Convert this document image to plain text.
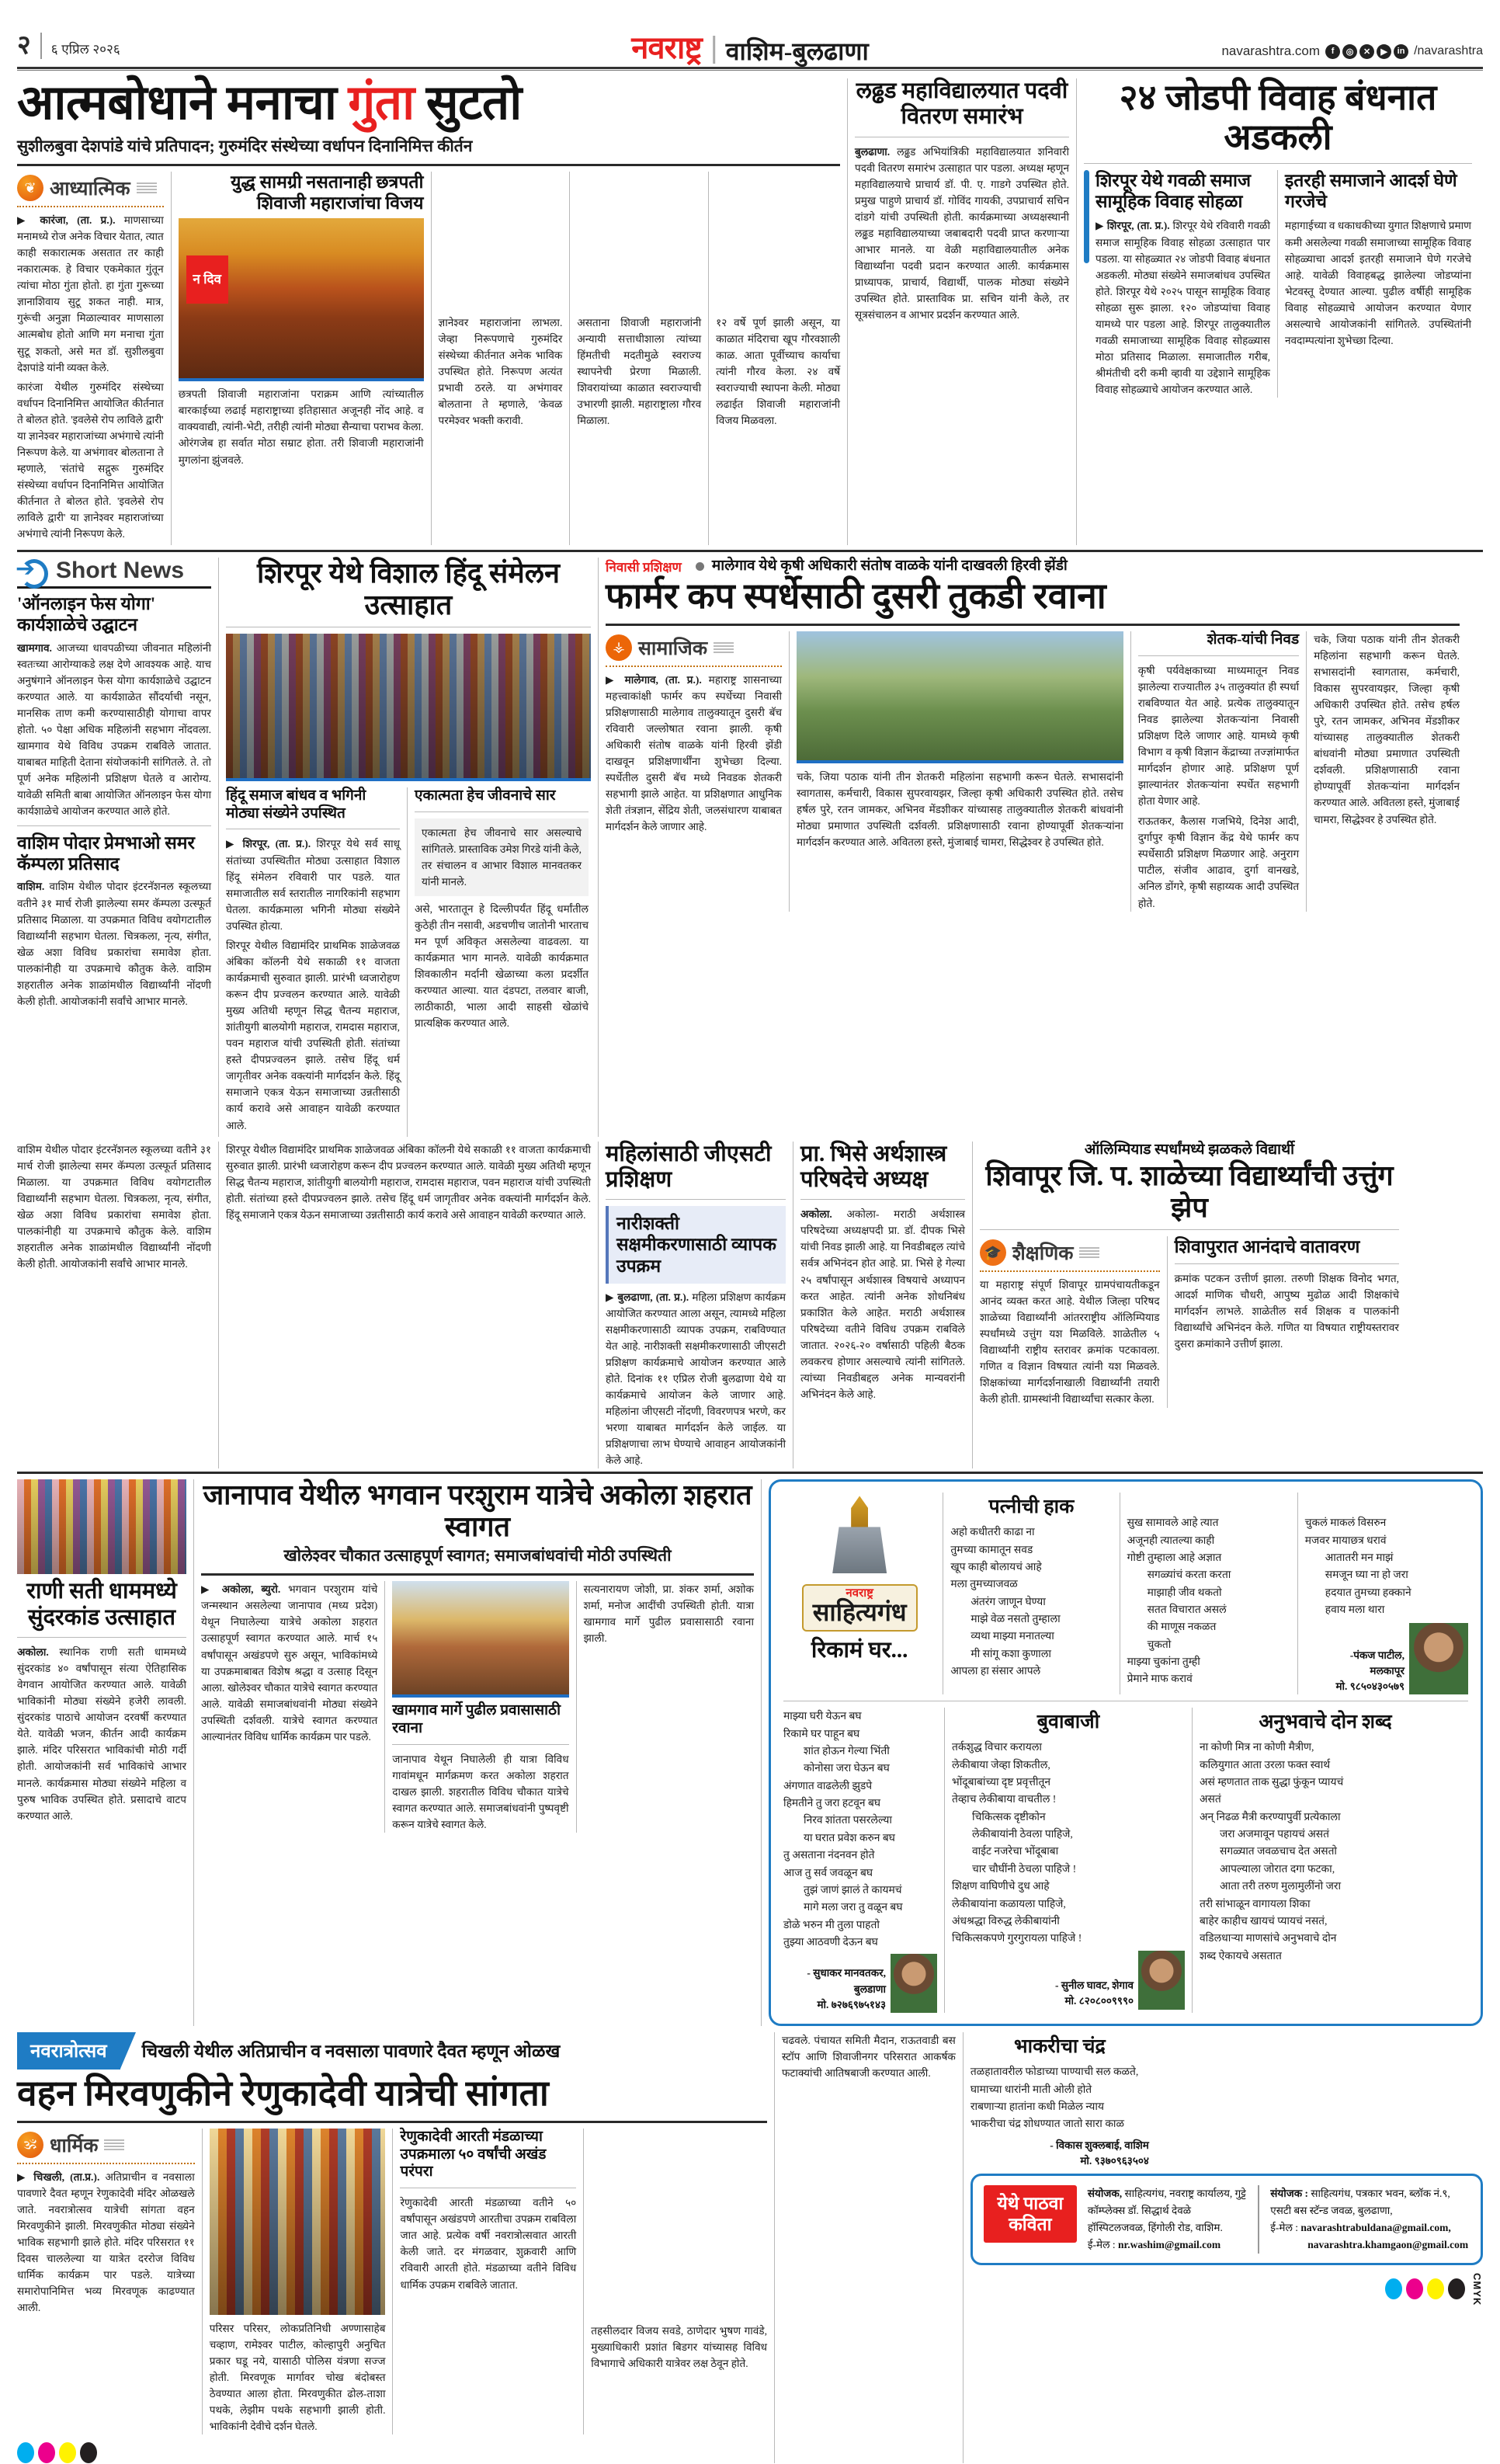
२ ६ एप्रिल २०२६	नवराष्ट्र वाशिम-बुलढाणा	navarashtra.com	f	◎	✕	▶	in /navarashtra
आत्मबोधाने मनाचा गुंता सुटतो
सुशीलबुवा देशपांडे यांचे प्रतिपादन; गुरुमंदिर संस्थेच्या वर्धापन दिनानिमित्त कीर्तन
❦ आध्यात्मिक

▶ कारंजा, (ता. प्र.). माणसाच्या मनामध्ये रोज अनेक विचार येतात, त्यात काही सकारात्मक असतात तर काही नकारात्मक. हे विचार एकमेकात गुंतून त्यांचा मोठा गुंता होतो. हा गुंता गुरूच्या ज्ञानाशिवाय सुटू शकत नाही. मात्र, गुरूंची अनुज्ञा मिळाल्यावर माणसाला आत्मबोध होतो आणि मग मनाचा गुंता सुटू शकतो, असे मत डॉ. सुशीलबुवा देशपांडे यांनी व्यक्त केले.

कारंजा येथील गुरुमंदिर संस्थेच्या वर्धापन दिनानिमित्त आयोजित कीर्तनात ते बोलत होते. 'इवलेसे रोप लाविले द्वारी' या ज्ञानेश्वर महाराजांच्या अभंगाचे त्यांनी निरूपण केले. या अभंगावर बोलताना ते म्हणाले, 'संतांचे सद्गुरू गुरुमंदिर संस्थेच्या वर्धापन दिनानिमित्त आयोजित कीर्तनात ते बोलत होते. 'इवलेसे रोप लाविले द्वारी' या ज्ञानेश्वर महाराजांच्या अभंगाचे त्यांनी निरूपण केले.

युद्ध सामग्री नसतानाही छत्रपती शिवाजी महाराजांचा विजय
न दिव
छत्रपती शिवाजी महाराजांना पराक्रम आणि त्यांच्यातील बारकाईच्या लढाई महाराष्ट्राच्या इतिहासात अजूनही नोंद आहे. व वाक्यवाद्यी, त्यांनी-भेटी, तरीही त्यांनी मोठ्या सैन्याचा पराभव केला. ओरंगजेब हा सर्वात मोठा सम्राट होता. तरी शिवाजी महाराजांनी मुगलांना झुंजवले.
ज्ञानेश्वर महाराजांना लाभला. जेव्हा निरूपणाचे गुरुमंदिर संस्थेच्या कीर्तनात अनेक भाविक उपस्थित होते. निरूपण अत्यंत प्रभावी ठरले. या अभंगावर बोलताना ते म्हणाले, 'केवळ परमेश्वर भक्ती करावी.
असताना शिवाजी महाराजांनी अन्यायी सत्ताधीशाला त्यांच्या हिंमतीची मदतीमुळे स्वराज्य स्थापनेची प्रेरणा मिळाली. शिवरायांच्या काळात स्वराज्याची उभारणी झाली. महाराष्ट्राला गौरव मिळाला.
१२ वर्षे पूर्ण झाली असून, या काळात मंदिराचा खूप गौरवशाली काळ. आता पूर्वीच्याच कार्याचा त्यांनी गौरव केला. २४ वर्षे स्वराज्याची स्थापना केली. मोठ्या लढाईत शिवाजी महाराजांनी विजय मिळवला.
लढ्ढड महाविद्यालयात पदवी वितरण समारंभ
बुलढाणा. लढ्ढड अभियांत्रिकी महाविद्यालयात शनिवारी पदवी वितरण समारंभ उत्साहात पार पडला. अध्यक्ष म्हणून महाविद्यालयाचे प्राचार्य डॉ. पी. ए. गाडगे उपस्थित होते. प्रमुख पाहुणे प्राचार्य डॉ. गोविंद गायकी, उपप्राचार्य सचिन दांडगे यांची उपस्थिती होती. कार्यक्रमाच्या अध्यक्षस्थानी लढ्ढड महाविद्यालयाच्या जबाबदारी पदवी प्राप्त करणाऱ्या आभार मानले. या वेळी महाविद्यालयातील अनेक विद्यार्थ्यांना पदवी प्रदान करण्यात आली. कार्यक्रमास प्राध्यापक, प्राचार्य, विद्यार्थी, पालक मोठ्या संख्येने उपस्थित होते. प्रास्ताविक प्रा. सचिन यांनी केले, तर सूत्रसंचालन व आभार प्रदर्शन करण्यात आले.
२४ जोडपी विवाह बंधनात अडकली
शिरपूर येथे गवळी समाज सामूहिक विवाह सोहळा
▶ शिरपूर, (ता. प्र.). शिरपूर येथे रविवारी गवळी समाज सामूहिक विवाह सोहळा उत्साहात पार पडला. या सोहळ्यात २४ जोडपी विवाह बंधनात अडकली. मोठ्या संख्येने समाजबांधव उपस्थित होते. शिरपूर येथे २०२५ पासून सामूहिक विवाह सोहळा सुरू झाला. १२० जोडप्यांचा विवाह यामध्ये पार पडला आहे. शिरपूर तालुक्यातील गवळी समाजाच्या सामूहिक विवाह सोहळ्यास मोठा प्रतिसाद मिळाला. समाजातील गरीब, श्रीमंतीची दरी कमी व्हावी या उद्देशाने सामूहिक विवाह सोहळ्याचे आयोजन करण्यात आले.
इतरही समाजाने आदर्श घेणे गरजेचे
महागाईच्या व धकाधकीच्या युगात शिक्षणाचे प्रमाण कमी असलेल्या गवळी समाजाच्या सामूहिक विवाह सोहळ्याचा आदर्श इतरही समाजाने घेणे गरजेचे आहे. यावेळी विवाहबद्ध झालेल्या जोडप्यांना भेटवस्तू देण्यात आल्या. पुढील वर्षीही सामूहिक विवाह सोहळ्याचे आयोजन करण्यात येणार असल्याचे आयोजकांनी सांगितले. उपस्थितांनी नवदाम्पत्यांना शुभेच्छा दिल्या.
➔
Short News
'ऑनलाइन फेस योगा' कार्यशाळेचे उद्घाटन
खामगाव. आजच्या धावपळीच्या जीवनात महिलांनी स्वतःच्या आरोग्याकडे लक्ष देणे आवश्यक आहे. याच अनुषंगाने ऑनलाइन फेस योगा कार्यशाळेचे उद्घाटन करण्यात आले. या कार्यशाळेत सौंदर्याची नसून, मानसिक ताण कमी करण्यासाठीही योगाचा वापर होतो. ५० पेक्षा अधिक महिलांनी सहभाग नोंदवला. खामगाव येथे विविध उपक्रम राबविले जातात. याबाबत माहिती देताना संयोजकांनी सांगितले. ते. तो पूर्ण अनेक महिलांनी प्रशिक्षण घेतले व आरोग्य. यावेळी समिती बाबा आयोजित ऑनलाइन फेस योगा कार्यशाळेचे आयोजन करण्यात आले होते.
वाशिम पोदार प्रेमभाओ समर कॅम्पला प्रतिसाद
वाशिम. वाशिम येथील पोदार इंटरनॅशनल स्कूलच्या वतीने ३१ मार्च रोजी झालेल्या समर कॅम्पला उत्स्फूर्त प्रतिसाद मिळाला. या उपक्रमात विविध वयोगटातील विद्यार्थ्यांनी सहभाग घेतला. चित्रकला, नृत्य, संगीत, खेळ अशा विविध प्रकारांचा समावेश होता. पालकांनीही या उपक्रमाचे कौतुक केले. वाशिम शहरातील अनेक शाळांमधील विद्यार्थ्यांनी नोंदणी केली होती. आयोजकांनी सर्वांचे आभार मानले.
शिरपूर येथे विशाल हिंदू संमेलन उत्साहात
हिंदू समाज बांधव व भगिनी मोठ्या संख्येने उपस्थित

▶ शिरपूर, (ता. प्र.). शिरपूर येथे सर्व साधू संतांच्या उपस्थितीत मोठ्या उत्साहात विशाल हिंदू संमेलन रविवारी पार पडले. यात समाजातील सर्व स्तरातील नागरिकांनी सहभाग घेतला. कार्यक्रमाला भगिनी मोठ्या संख्येने उपस्थित होत्या.

शिरपूर येथील विद्यामंदिर प्राथमिक शाळेजवळ अंबिका कॉलनी येथे सकाळी ११ वाजता कार्यक्रमाची सुरुवात झाली. प्रारंभी ध्वजारोहण करून दीप प्रज्वलन करण्यात आले. यावेळी मुख्य अतिथी म्हणून सिद्ध चैतन्य महाराज, शांतीयुगी बालयोगी महाराज, रामदास महाराज, पवन महाराज यांची उपस्थिती होती. संतांच्या हस्ते दीपप्रज्वलन झाले. तसेच हिंदू धर्म जागृतीवर अनेक वक्त्यांनी मार्गदर्शन केले. हिंदू समाजाने एकत्र येऊन समाजाच्या उन्नतीसाठी कार्य करावे असे आवाहन यावेळी करण्यात आले.

एकात्मता हेच जीवनाचे सार
एकात्मता हेच जीवनाचे सार असल्याचे सांगितले. प्रास्ताविक उमेश गिरडे यांनी केले, तर संचालन व आभार विशाल मानवतकर यांनी मानले.
असे, भारतातून हे दिल्लीपर्यंत हिंदू धर्मांतील कुठेही तीन नसावी, अडचणीच जातोनी भारताच मन पूर्ण अविकृत असलेल्या वाढवला. या कार्यक्रमात भाग मानले. यावेळी कार्यक्रमात शिवकालीन मर्दानी खेळाच्या कला प्रदर्शीत करण्यात आल्या. यात दंडपटा, तलवार बाजी, लाठीकाठी, भाला आदी साहसी खेळांचे प्रात्यक्षिक करण्यात आले.
निवासी प्रशिक्षण	मालेगाव येथे कृषी अधिकारी संतोष वाळके यांनी दाखवली हिरवी झेंडी
फार्मर कप स्पर्धेसाठी दुसरी तुकडी रवाना
⚶ सामाजिक
▶ मालेगाव, (ता. प्र.). महाराष्ट्र शासनाच्या महत्त्वाकांक्षी फार्मर कप स्पर्धेच्या निवासी प्रशिक्षणासाठी मालेगाव तालुक्यातून दुसरी बॅच रविवारी जल्लोषात रवाना झाली. कृषी अधिकारी संतोष वाळके यांनी हिरवी झेंडी दाखवून प्रशिक्षणार्थींना शुभेच्छा दिल्या. स्पर्धेतील दुसरी बॅच मध्ये निवडक शेतकरी सहभागी झाले आहेत. या प्रशिक्षणात आधुनिक शेती तंत्रज्ञान, सेंद्रिय शेती, जलसंधारण याबाबत मार्गदर्शन केले जाणार आहे.
चके, जिया पठाक यांनी तीन शेतकरी महिलांना सहभागी करून घेतले. सभासदांनी स्वागतास, कर्मचारी, विकास सुपरवायझर, जिल्हा कृषी अधिकारी उपस्थित होते. तसेच हर्षल पुरे, रतन जामकर, अभिनव मेंडशीकर यांच्यासह तालुक्यातील शेतकरी बांधवांनी मोठ्या प्रमाणात उपस्थिती दर्शवली. प्रशिक्षणासाठी रवाना होण्यापूर्वी शेतकऱ्यांना मार्गदर्शन करण्यात आले. अवितला हस्ते, मुंजाबाई चामरा, सिद्धेश्वर हे उपस्थित होते.
शेतक-यांची निवड
कृषी पर्यवेक्षकाच्या माध्यमातून निवड झालेल्या राज्यातील ३५ तालुक्यांत ही स्पर्धा राबविण्यात येत आहे. प्रत्येक तालुक्यातून निवड झालेल्या शेतकऱ्यांना निवासी प्रशिक्षण दिले जाणार आहे. यामध्ये कृषी विभाग व कृषी विज्ञान केंद्राच्या तज्ज्ञांमार्फत मार्गदर्शन होणार आहे. प्रशिक्षण पूर्ण झाल्यानंतर शेतकऱ्यांना स्पर्धेत सहभागी होता येणार आहे.
राऊतकर, कैलास गजभिये, दिनेश आदी, दुर्गापुर कृषी विज्ञान केंद्र येथे फार्मर कप स्पर्धेसाठी प्रशिक्षण मिळणार आहे. अनुराग पाटील, संजीव आढाव, दुर्गा वानखडे, अनिल डोंगरे, कृषी सहाय्यक आदी उपस्थित होते.
चके, जिया पठाक यांनी तीन शेतकरी महिलांना सहभागी करून घेतले. सभासदांनी स्वागतास, कर्मचारी, विकास सुपरवायझर, जिल्हा कृषी अधिकारी उपस्थित होते. तसेच हर्षल पुरे, रतन जामकर, अभिनव मेंडशीकर यांच्यासह तालुक्यातील शेतकरी बांधवांनी मोठ्या प्रमाणात उपस्थिती दर्शवली. प्रशिक्षणासाठी रवाना होण्यापूर्वी शेतकऱ्यांना मार्गदर्शन करण्यात आले. अवितला हस्ते, मुंजाबाई चामरा, सिद्धेश्वर हे उपस्थित होते.
वाशिम येथील पोदार इंटरनॅशनल स्कूलच्या वतीने ३१ मार्च रोजी झालेल्या समर कॅम्पला उत्स्फूर्त प्रतिसाद मिळाला. या उपक्रमात विविध वयोगटातील विद्यार्थ्यांनी सहभाग घेतला. चित्रकला, नृत्य, संगीत, खेळ अशा विविध प्रकारांचा समावेश होता. पालकांनीही या उपक्रमाचे कौतुक केले. वाशिम शहरातील अनेक शाळांमधील विद्यार्थ्यांनी नोंदणी केली होती. आयोजकांनी सर्वांचे आभार मानले.
शिरपूर येथील विद्यामंदिर प्राथमिक शाळेजवळ अंबिका कॉलनी येथे सकाळी ११ वाजता कार्यक्रमाची सुरुवात झाली. प्रारंभी ध्वजारोहण करून दीप प्रज्वलन करण्यात आले. यावेळी मुख्य अतिथी म्हणून सिद्ध चैतन्य महाराज, शांतीयुगी बालयोगी महाराज, रामदास महाराज, पवन महाराज यांची उपस्थिती होती. संतांच्या हस्ते दीपप्रज्वलन झाले. तसेच हिंदू धर्म जागृतीवर अनेक वक्त्यांनी मार्गदर्शन केले. हिंदू समाजाने एकत्र येऊन समाजाच्या उन्नतीसाठी कार्य करावे असे आवाहन यावेळी करण्यात आले.
महिलांसाठी जीएसटी प्रशिक्षण
नारीशक्ती सक्षमीकरणासाठी व्यापक उपक्रम
▶ बुलढाणा, (ता. प्र.). महिला प्रशिक्षण कार्यक्रम आयोजित करण्यात आला असून, त्यामध्ये महिला सक्षमीकरणासाठी व्यापक उपक्रम, राबविण्यात येत आहे. नारीशक्ती सक्षमीकरणासाठी जीएसटी प्रशिक्षण कार्यक्रमाचे आयोजन करण्यात आले होते. दिनांक ११ एप्रिल रोजी बुलढाणा येथे या कार्यक्रमाचे आयोजन केले जाणार आहे. महिलांना जीएसटी नोंदणी, विवरणपत्र भरणे, कर भरणा याबाबत मार्गदर्शन केले जाईल. या प्रशिक्षणाचा लाभ घेण्याचे आवाहन आयोजकांनी केले आहे.
प्रा. भिसे अर्थशास्त्र परिषदेचे अध्यक्ष
अकोला. अकोला- मराठी अर्थशास्त्र परिषदेच्या अध्यक्षपदी प्रा. डॉ. दीपक भिसे यांची निवड झाली आहे. या निवडीबद्दल त्यांचे सर्वत्र अभिनंदन होत आहे. प्रा. भिसे हे गेल्या २५ वर्षांपासून अर्थशास्त्र विषयाचे अध्यापन करत आहेत. त्यांनी अनेक शोधनिबंध प्रकाशित केले आहेत. मराठी अर्थशास्त्र परिषदेच्या वतीने विविध उपक्रम राबविले जातात. २०२६-२० वर्षासाठी पहिली बैठक लवकरच होणार असल्याचे त्यांनी सांगितले. त्यांच्या निवडीबद्दल अनेक मान्यवरांनी अभिनंदन केले आहे.
ऑलिम्पियाड स्पर्धांमध्ये झळकले विद्यार्थी
शिवापूर जि. प. शाळेच्या विद्यार्थ्यांची उत्तुंग झेप
🎓 शैक्षणिक
या महाराष्ट्र संपूर्ण शिवापूर ग्रामपंचायतीकडून आनंद व्यक्त करत आहे. येथील जिल्हा परिषद शाळेच्या विद्यार्थ्यांनी आंतरराष्ट्रीय ऑलिम्पियाड स्पर्धांमध्ये उत्तुंग यश मिळविले. शाळेतील ५ विद्यार्थ्यांनी राष्ट्रीय स्तरावर क्रमांक पटकावला. गणित व विज्ञान विषयात त्यांनी यश मिळवले. शिक्षकांच्या मार्गदर्शनाखाली विद्यार्थ्यांनी तयारी केली होती. ग्रामस्थांनी विद्यार्थ्यांचा सत्कार केला.
शिवापुरात आनंदाचे वातावरण
क्रमांक पटकन उत्तीर्ण झाला. तरुणी शिक्षक विनोद भगत, आदर्श माणिक चौधरी, आपुष्य मुढोळ आदी शिक्षकांचे मार्गदर्शन लाभले. शाळेतील सर्व शिक्षक व पालकांनी विद्यार्थ्यांचे अभिनंदन केले. गणित या विषयात राष्ट्रीयस्तरावर दुसरा क्रमांकाने उत्तीर्ण झाला.
राणी सती धाममध्ये सुंदरकांड उत्साहात
अकोला. स्थानिक राणी सती धाममध्ये सुंदरकांड ४० वर्षांपासून संत्या ऐतिहासिक वेगवान आयोजित करण्यात आले. यावेळी भाविकांनी मोठ्या संख्येने हजेरी लावली. सुंदरकांड पाठाचे आयोजन दरवर्षी करण्यात येते. यावेळी भजन, कीर्तन आदी कार्यक्रम झाले. मंदिर परिसरात भाविकांची मोठी गर्दी होती. आयोजकांनी सर्व भाविकांचे आभार मानले. कार्यक्रमास मोठ्या संख्येने महिला व पुरुष भाविक उपस्थित होते. प्रसादाचे वाटप करण्यात आले.
जानापाव येथील भगवान परशुराम यात्रेचे अकोला शहरात स्वागत
खोलेश्वर चौकात उत्साहपूर्ण स्वागत; समाजबांधवांची मोठी उपस्थिती
▶ अकोला, ब्युरो. भगवान परशुराम यांचे जन्मस्थान असलेल्या जानापाव (मध्य प्रदेश) येथून निघालेल्या यात्रेचे अकोला शहरात उत्साहपूर्ण स्वागत करण्यात आले. मार्च १५ वर्षांपासून अखंडपणे सुरु असून, भाविकांमध्ये या उपक्रमाबाबत विशेष श्रद्धा व उत्साह दिसून आला. खोलेश्वर चौकात यात्रेचे स्वागत करण्यात आले. यावेळी समाजबांधवांनी मोठ्या संख्येने उपस्थिती दर्शवली. यात्रेचे स्वागत करण्यात आल्यानंतर विविध धार्मिक कार्यक्रम पार पडले.
खामगाव मार्गे पुढील प्रवासासाठी रवाना
जानापाव येथून निघालेली ही यात्रा विविध गावांमधून मार्गक्रमण करत अकोला शहरात दाखल झाली. शहरातील विविध चौकात यात्रेचे स्वागत करण्यात आले. समाजबांधवांनी पुष्पवृष्टी करून यात्रेचे स्वागत केले.
सत्यनारायण जोशी, प्रा. शंकर शर्मा, अशोक शर्मा, मनोज आदींची उपस्थिती होती. यात्रा खामगाव मार्गे पुढील प्रवासासाठी रवाना झाली.
नवराष्ट्र
साहित्यगंध
रिकामं घर...
पत्नीची हाक
अहो कधीतरी काढा ना
तुमच्या कामातून सवड
खूप काही बोलायचं आहे
मला तुमच्याजवळ
अंतरंग जाणून घेण्या
माझे वेळ नसतो तुम्हाला
व्यथा माझ्या मनातल्या
मी सांगू कशा कुणाला
आपला हा संसार आपले
सुख सामावले आहे त्यात
अजूनही त्यातल्या काही
गोष्टी तुम्हाला आहे अज्ञात
सगळ्यांचं करता करता
माझाही जीव थकतो
सतत विचारात असलं
की माणूस नकळत
चुकतो
माझ्या चुकांना तुम्ही
प्रेमाने माफ करावं
चुकलं माकलं विसरुन
मजवर मायाछत्र धरावं
आतातरी मन माझं
समजून घ्या ना हो जरा
हदयात तुमच्या हक्काने
हवाय मला थारा
-पंकज पाटील,
मलकापूर
मो. ९८५०४३०५७९
माझ्या घरी येऊन बघ
रिकामे घर पाहून बघ
शांत होऊन गेल्या भिंती
कोनोसा जरा घेऊन बघ
अंगणात वाढलेली झुडपे
हिमतीने तु जरा हटवून बघ
निरव शांतता पसरलेल्या
या घरात प्रवेश करुन बघ
तु असताना नंदनवन होते
आज तु सर्व जवळून बघ
तुझं जाणं झालं ते कायमचं
मागे मला जरा तु वळून बघ
डोळे भरुन मी तुला पाहतो
तुझ्या आठवणी देऊन बघ
- सुधाकर मानवतकर,
बुलडाणा
मो. ७२७६९७५१४३
बुवाबाजी
तर्कशुद्ध विचार करायला
लेकीबाया जेव्हा शिकतील,
भोंदूबाबांच्या दृष्ट प्रवृत्तीतून
तेव्हाच लेकीबाया वाचतील !
चिकित्सक दृष्टीकोन
लेकीबायांनी ठेवला पाहिजे,
वाईट नजरेचा भोंदूबाबा
चार चौघींनी ठेचला पाहिजे !
शिक्षण वाघिणीचे दुध आहे
लेकीबायांना कळायला पाहिजे,
अंधश्रद्धा विरुद्ध लेकीबायांनी
चिकित्सकपणे गुरगुरायला पाहिजे !
- सुनील घावट, शेगाव
मो. ८२०८००९९९०
अनुभवाचे दोन शब्द
ना कोणी मित्र ना कोणी मैत्रीण,
कलियुगात आता उरला फक्त स्वार्थ
असं म्हणतात ताक सुद्धा फुंकून प्यायचं
असतं
अन् निढळ मैत्री करण्यापुर्वी प्रत्येकाला
जरा अजमावून पहायचं असतं
सगळ्यात जवळचाच देत असतो
आपल्याला जोरात दगा फटका,
आता तरी तरुण मुलामुलींनो जरा
तरी सांभाळून वागायला शिका
बाहेर काहीच खायचं प्यायचं नसतं,
वडिलधाऱ्या माणसांचे अनुभवाचे दोन
शब्द ऐकायचे असतात
नवरात्रोत्सव	चिखली येथील अतिप्राचीन व नवसाला पावणारे दैवत म्हणून ओळख
वहन मिरवणुकीने रेणुकादेवी यात्रेची सांगता
🕉 धार्मिक
▶ चिखली, (ता.प्र.). अतिप्राचीन व नवसाला पावणारे दैवत म्हणून रेणुकादेवी मंदिर ओळखले जाते. नवरात्रोत्सव यात्रेची सांगता वहन मिरवणुकीने झाली. मिरवणुकीत मोठ्या संख्येने भाविक सहभागी झाले होते. मंदिर परिसरात ११ दिवस चाललेल्या या यात्रेत दररोज विविध धार्मिक कार्यक्रम पार पडले. यात्रेच्या समारोपानिमित्त भव्य मिरवणूक काढण्यात आली.
परिसर परिसर, लोकप्रतिनिधी अण्णासाहेब चव्हाण, रामेश्वर पाटील, कोल्हापुरी अनुचित प्रकार घडू नये, यासाठी पोलिस यंत्रणा सज्ज होती. मिरवणूक मार्गावर चोख बंदोबस्त ठेवण्यात आला होता. मिरवणुकीत ढोल-ताशा पथके, लेझीम पथके सहभागी झाली होती. भाविकांनी देवीचे दर्शन घेतले.
रेणुकादेवी आरती मंडळाच्या उपक्रमाला ५० वर्षांची अखंड परंपरा
रेणुकादेवी आरती मंडळाच्या वतीने ५० वर्षांपासून अखंडपणे आरतीचा उपक्रम राबविला जात आहे. प्रत्येक वर्षी नवरात्रोत्सवात आरती केली जाते. दर मंगळवार, शुक्रवारी आणि रविवारी आरती होते. मंडळाच्या वतीने विविध धार्मिक उपक्रम राबविले जातात.
तहसीलदार विजय सवडे, ठाणेदार भुषण गावंडे, मुख्याधिकारी प्रशांत बिडगर यांच्यासह विविध विभागाचे अधिकारी यात्रेवर लक्ष ठेवून होते.
चढवले. पंचायत समिती मैदान, राऊतवाडी बस स्टॉप आणि शिवाजीनगर परिसरात आकर्षक फटाक्यांची आतिषबाजी करण्यात आली.
भाकरीचा चंद्र
तळहातावरील फोडाच्या पाण्याची सल कळते,
घामाच्या धारांनी माती ओली होते
राबणाऱ्या हातांना कधी मिळेल न्याय
भाकरीचा चंद्र शोधण्यात जातो सारा काळ
- विकास शुक्लबाई, वाशिम
मो. ९३७०९६३५०४
येथे पाठवा कविता
संयोजक, साहित्यगंध, नवराष्ट्र कार्यालय, गुट्टे कॉम्प्लेक्स डॉ. सिद्धार्थ देवळे हॉस्पिटलजवळ, हिंगोली रोड, वाशिम.
ई-मेल : nr.washim@gmail.com
संयोजक : साहित्यगंध, पत्रकार भवन, ब्लॉक नं.९, एसटी बस स्टॅन्ड जवळ, बुलढाणा,
ई-मेल : navarashtrabuldana@gmail.com,
navarashtra.khamgaon@gmail.com
CMYK
